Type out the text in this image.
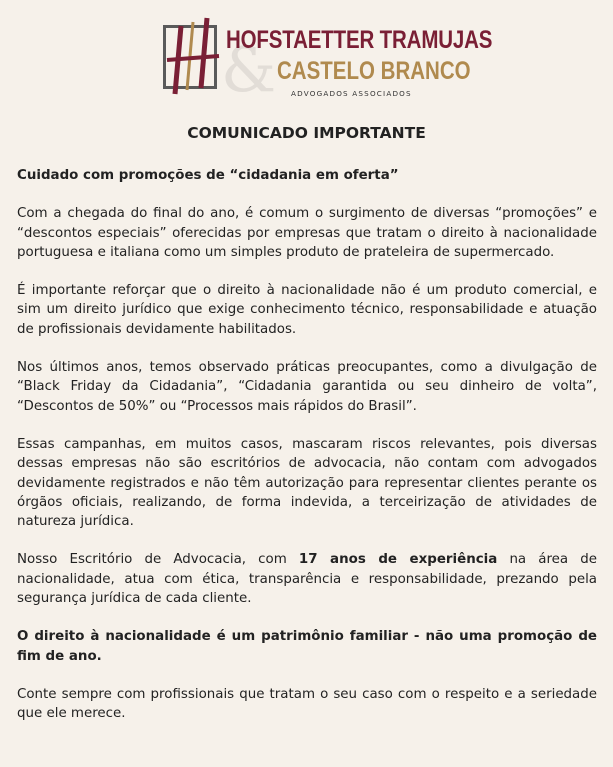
&
HOFSTAETTER TRAMUJAS
CASTELO BRANCO
ADVOGADOS ASSOCIADOS
COMUNICADO IMPORTANTE

Cuidado com promoções de “cidadania em oferta”

Com a chegada do final do ano, é comum o surgimento de diversas “promoções” e “descontos especiais” oferecidas por empresas que tratam o direito à nacionalidade portuguesa e italiana como um simples produto de prateleira de supermercado.

É importante reforçar que o direito à nacionalidade não é um produto comercial, e sim um direito jurídico que exige conhecimento técnico, responsabilidade e atuação de profissionais devidamente habilitados.

Nos últimos anos, temos observado práticas preocupantes, como a divulgação de “Black Friday da Cidadania”, “Cidadania garantida ou seu dinheiro de volta”, “Descontos de 50%” ou “Processos mais rápidos do Brasil”.

Essas campanhas, em muitos casos, mascaram riscos relevantes, pois diversas dessas empresas não são escritórios de advocacia, não contam com advogados devidamente registrados e não têm autorização para representar clientes perante os órgãos oficiais, realizando, de forma indevida, a terceirização de atividades de natureza jurídica.

Nosso Escritório de Advocacia, com 17 anos de experiência na área de nacionalidade, atua com ética, transparência e responsabilidade, prezando pela segurança jurídica de cada cliente.

O direito à nacionalidade é um patrimônio familiar - não uma promoção de fim de ano.

Conte sempre com profissionais que tratam o seu caso com o respeito e a seriedade que ele merece.
